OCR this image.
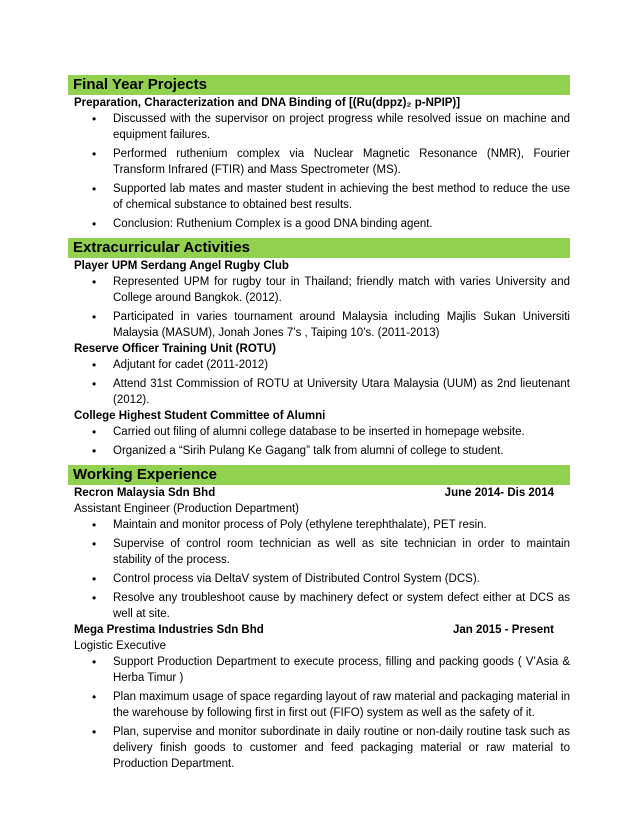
Final Year Projects
Preparation, Characterization and DNA Binding of [(Ru(dppz)₂ p-NPIP)]
• Discussed with the supervisor on project progress while resolved issue on machine and equipment failures.
• Performed ruthenium complex via Nuclear Magnetic Resonance (NMR), Fourier Transform Infrared (FTIR) and Mass Spectrometer (MS).
• Supported lab mates and master student in achieving the best method to reduce the use of chemical substance to obtained best results.
• Conclusion: Ruthenium Complex is a good DNA binding agent.
Extracurricular Activities
Player UPM Serdang Angel Rugby Club
• Represented UPM for rugby tour in Thailand; friendly match with varies University and College around Bangkok. (2012).
• Participated in varies tournament around Malaysia including Majlis Sukan Universiti Malaysia (MASUM), Jonah Jones 7’s , Taiping 10’s. (2011-2013)
Reserve Officer Training Unit (ROTU)
• Adjutant for cadet (2011-2012)
• Attend 31st Commission of ROTU at University Utara Malaysia (UUM) as 2nd lieutenant (2012).
College Highest Student Committee of Alumni
• Carried out filing of alumni college database to be inserted in homepage website.
• Organized a “Sirih Pulang Ke Gagang” talk from alumni of college to student.
Working Experience
Recron Malaysia Sdn Bhd	June 2014- Dis 2014
Assistant Engineer (Production Department)
• Maintain and monitor process of Poly (ethylene terephthalate), PET resin.
• Supervise of control room technician as well as site technician in order to maintain stability of the process.
• Control process via DeltaV system of Distributed Control System (DCS).
• Resolve any troubleshoot cause by machinery defect or system defect either at DCS as well at site.
Mega Prestima Industries Sdn Bhd	Jan 2015 - Present
Logistic Executive
• Support Production Department to execute process, filling and packing goods ( V’Asia & Herba Timur )
• Plan maximum usage of space regarding layout of raw material and packaging material in the warehouse by following first in first out (FIFO) system as well as the safety of it.
• Plan, supervise and monitor subordinate in daily routine or non-daily routine task such as delivery finish goods to customer and feed packaging material or raw material to Production Department.
